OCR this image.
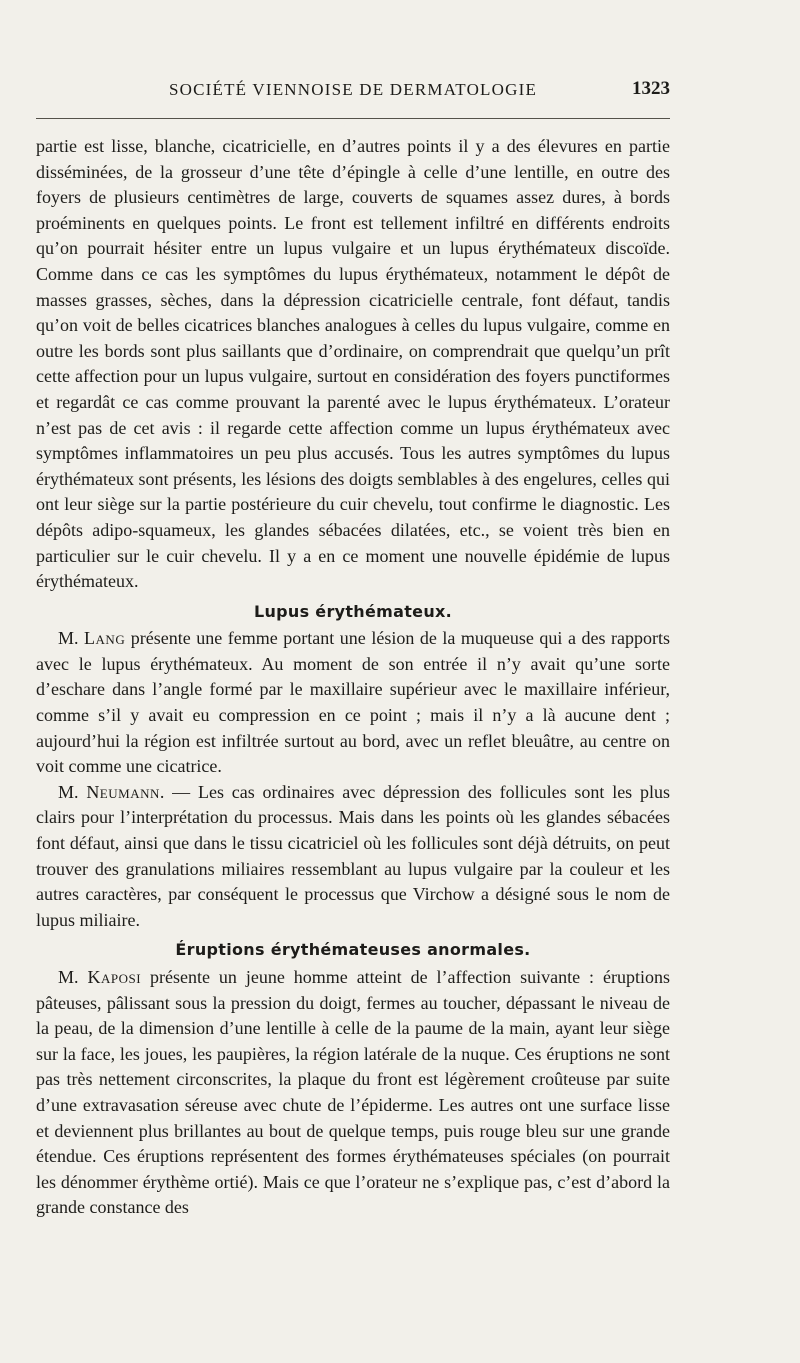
SOCIÉTÉ VIENNOISE DE DERMATOLOGIE	1323

partie est lisse, blanche, cicatricielle, en d’autres points il y a des élevures en partie disséminées, de la grosseur d’une tête d’épingle à celle d’une lentille, en outre des foyers de plusieurs centimètres de large, couverts de squames assez dures, à bords proéminents en quelques points. Le front est tellement infiltré en différents endroits qu’on pourrait hésiter entre un lupus vulgaire et un lupus érythémateux discoïde. Comme dans ce cas les symptômes du lupus érythémateux, notamment le dépôt de masses grasses, sèches, dans la dépression cicatricielle centrale, font défaut, tandis qu’on voit de belles cicatrices blanches analogues à celles du lupus vulgaire, comme en outre les bords sont plus saillants que d’ordinaire, on comprendrait que quelqu’un prît cette affection pour un lupus vulgaire, surtout en considération des foyers punctiformes et regardât ce cas comme prouvant la parenté avec le lupus érythémateux. L’orateur n’est pas de cet avis : il regarde cette affection comme un lupus érythémateux avec symptômes inflammatoires un peu plus accusés. Tous les autres symptômes du lupus érythémateux sont présents, les lésions des doigts semblables à des engelures, celles qui ont leur siège sur la partie postérieure du cuir chevelu, tout confirme le diagnostic. Les dépôts adipo-squameux, les glandes sébacées dilatées, etc., se voient très bien en particulier sur le cuir chevelu. Il y a en ce moment une nouvelle épidémie de lupus érythémateux.

Lupus érythémateux.

M. Lang présente une femme portant une lésion de la muqueuse qui a des rapports avec le lupus érythémateux. Au moment de son entrée il n’y avait qu’une sorte d’eschare dans l’angle formé par le maxillaire supérieur avec le maxillaire inférieur, comme s’il y avait eu compression en ce point ; mais il n’y a là aucune dent ; aujourd’hui la région est infiltrée surtout au bord, avec un reflet bleuâtre, au centre on voit comme une cicatrice.

M. Neumann. — Les cas ordinaires avec dépression des follicules sont les plus clairs pour l’interprétation du processus. Mais dans les points où les glandes sébacées font défaut, ainsi que dans le tissu cicatriciel où les follicules sont déjà détruits, on peut trouver des granulations miliaires ressemblant au lupus vulgaire par la couleur et les autres caractères, par conséquent le processus que Virchow a désigné sous le nom de lupus miliaire.

Éruptions érythémateuses anormales.

M. Kaposi présente un jeune homme atteint de l’affection suivante : éruptions pâteuses, pâlissant sous la pression du doigt, fermes au toucher, dépassant le niveau de la peau, de la dimension d’une lentille à celle de la paume de la main, ayant leur siège sur la face, les joues, les paupières, la région latérale de la nuque. Ces éruptions ne sont pas très nettement circonscrites, la plaque du front est légèrement croûteuse par suite d’une extravasation séreuse avec chute de l’épiderme. Les autres ont une surface lisse et deviennent plus brillantes au bout de quelque temps, puis rouge bleu sur une grande étendue. Ces éruptions représentent des formes érythémateuses spéciales (on pourrait les dénommer érythème ortié). Mais ce que l’orateur ne s’explique pas, c’est d’abord la grande constance des
